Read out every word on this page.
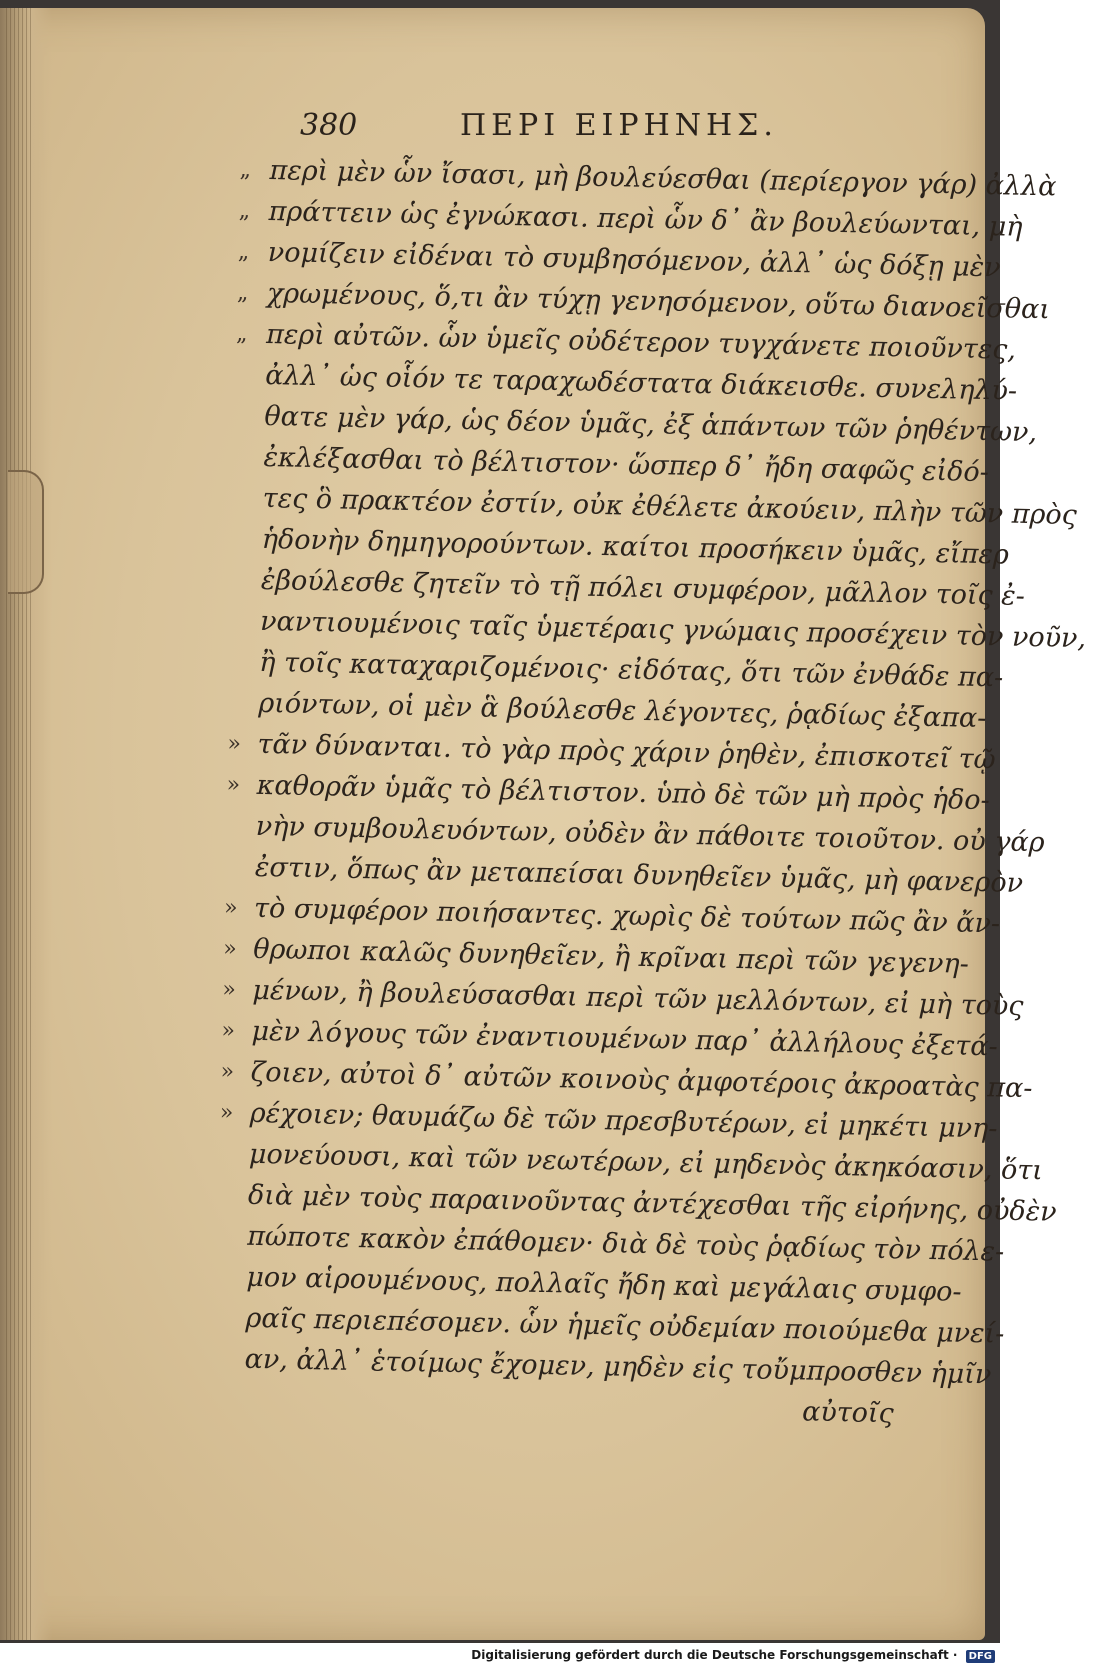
380	ΠΕΡΙ ΕΙΡΗΝΗΣ.
„ περὶ μὲν ὧν ἴσασι, μὴ βουλεύεσθαι (περίεργον γάρ) ἀλλὰ
„ πράττειν ὡς ἐγνώκασι. περὶ ὧν δ᾿ ἂν βουλεύωνται, μὴ
„ νομίζειν εἰδέναι τὸ συμβησόμενον, ἀλλ᾿ ὡς δόξῃ μὲν
„ χρωμένους, ὅ,τι ἂν τύχῃ γενησόμενον, οὕτω διανοεῖσθαι
„ περὶ αὐτῶν. ὧν ὑμεῖς οὐδέτερον τυγχάνετε ποιοῦντες,
ἀλλ᾿ ὡς οἷόν τε ταραχωδέστατα διάκεισθε. συνεληλύ-
θατε μὲν γάρ, ὡς δέον ὑμᾶς, ἐξ ἁπάντων τῶν ῥηθέντων,
ἐκλέξασθαι τὸ βέλτιστον· ὥσπερ δ᾿ ἤδη σαφῶς εἰδό-
τες ὃ πρακτέον ἐστίν, οὐκ ἐθέλετε ἀκούειν, πλὴν τῶν πρὸς
ἡδονὴν δημηγορούντων. καίτοι προσήκειν ὑμᾶς, εἴπερ
ἐβούλεσθε ζητεῖν τὸ τῇ πόλει συμφέρον, μᾶλλον τοῖς ἐ-
ναντιουμένοις ταῖς ὑμετέραις γνώμαις προσέχειν τὸν νοῦν,
ἢ τοῖς καταχαριζομένοις· εἰδότας, ὅτι τῶν ἐνθάδε πα-
ριόντων, οἱ μὲν ἃ βούλεσθε λέγοντες, ῥᾳδίως ἐξαπα-
» τᾶν δύνανται. τὸ γὰρ πρὸς χάριν ῥηθὲν, ἐπισκοτεῖ τῷ
» καθορᾶν ὑμᾶς τὸ βέλτιστον. ὑπὸ δὲ τῶν μὴ πρὸς ἡδο-
νὴν συμβουλευόντων, οὐδὲν ἂν πάθοιτε τοιοῦτον. οὐ γάρ
ἐστιν, ὅπως ἂν μεταπείσαι δυνηθεῖεν ὑμᾶς, μὴ φανερὸν
» τὸ συμφέρον ποιήσαντες. χωρὶς δὲ τούτων πῶς ἂν ἄν-
» θρωποι καλῶς δυνηθεῖεν, ἢ κρῖναι περὶ τῶν γεγενη-
» μένων, ἢ βουλεύσασθαι περὶ τῶν μελλόντων, εἰ μὴ τοὺς
» μὲν λόγους τῶν ἐναντιουμένων παρ᾿ ἀλλήλους ἐξετά-
» ζοιεν, αὐτοὶ δ᾿ αὐτῶν κοινοὺς ἀμφοτέροις ἀκροατὰς πα-
» ρέχοιεν; θαυμάζω δὲ τῶν πρεσβυτέρων, εἰ μηκέτι μνη-
μονεύουσι, καὶ τῶν νεωτέρων, εἰ μηδενὸς ἀκηκόασιν, ὅτι
διὰ μὲν τοὺς παραινοῦντας ἀντέχεσθαι τῆς εἰρήνης, οὐδὲν
πώποτε κακὸν ἐπάθομεν· διὰ δὲ τοὺς ῥᾳδίως τὸν πόλε-
μον αἱρουμένους, πολλαῖς ἤδη καὶ μεγάλαις συμφο-
ραῖς περιεπέσομεν. ὧν ἡμεῖς οὐδεμίαν ποιούμεθα μνεί-
αν, ἀλλ᾿ ἑτοίμως ἔχομεν, μηδὲν εἰς τοὔμπροσθεν ἡμῖν
αὐτοῖς
Digitalisierung gefördert durch die Deutsche Forschungsgemeinschaft · DFG
